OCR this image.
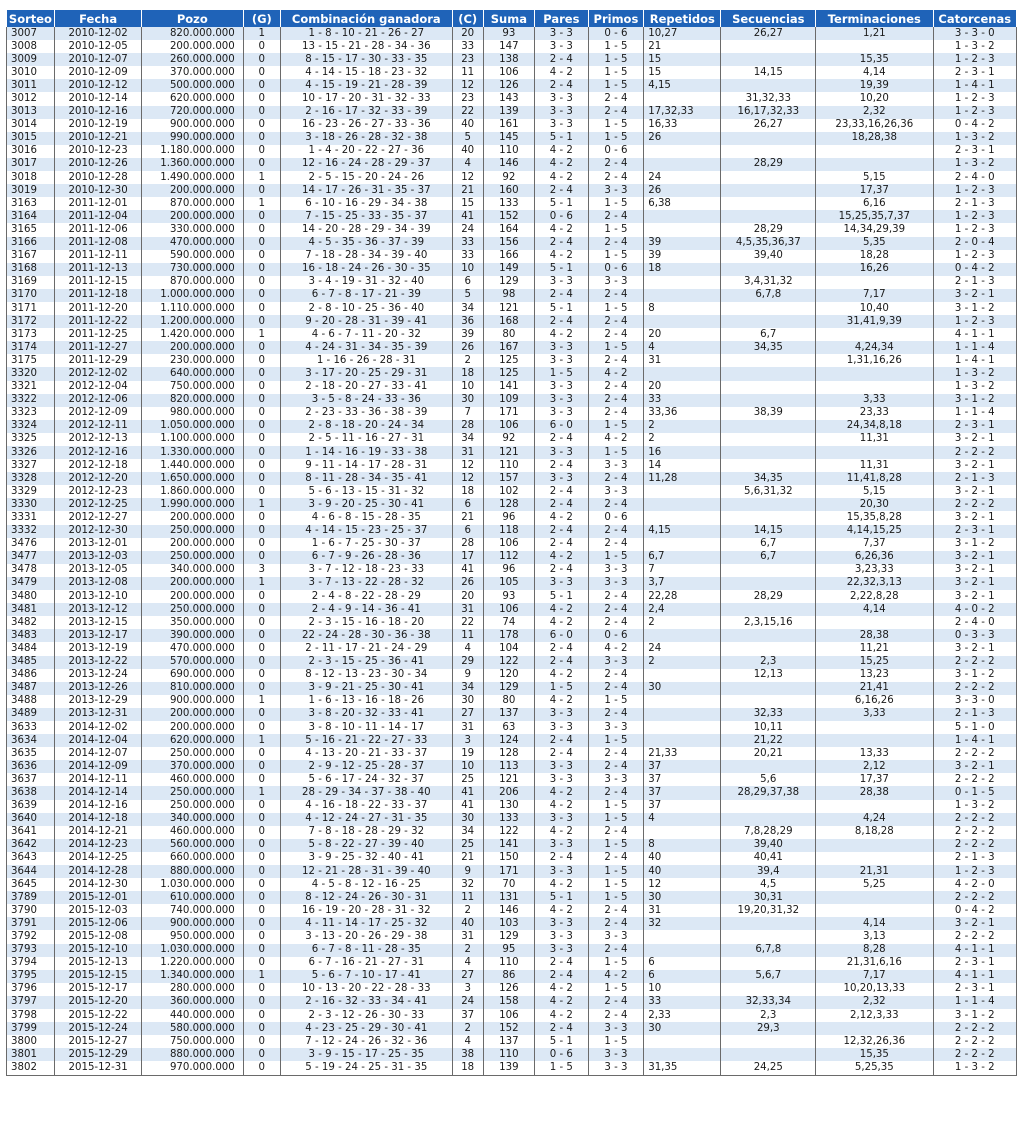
Sorteo	Fecha	Pozo	(G)	Combinación ganadora	(C)	Suma	Pares	Primos	Repetidos	Secuencias	Terminaciones	Catorcenas
3007	2010-12-02	820.000.000	1	1 - 8 - 10 - 21 - 26 - 27	20	93	3 - 3	0 - 6	10,27	26,27	1,21	3 - 3 - 0
3008	2010-12-05	200.000.000	0	13 - 15 - 21 - 28 - 34 - 36	33	147	3 - 3	1 - 5	21			1 - 3 - 2
3009	2010-12-07	260.000.000	0	8 - 15 - 17 - 30 - 33 - 35	23	138	2 - 4	1 - 5	15		15,35	1 - 2 - 3
3010	2010-12-09	370.000.000	0	4 - 14 - 15 - 18 - 23 - 32	11	106	4 - 2	1 - 5	15	14,15	4,14	2 - 3 - 1
3011	2010-12-12	500.000.000	0	4 - 15 - 19 - 21 - 28 - 39	12	126	2 - 4	1 - 5	4,15		19,39	1 - 4 - 1
3012	2010-12-14	620.000.000	0	10 - 17 - 20 - 31 - 32 - 33	23	143	3 - 3	2 - 4		31,32,33	10,20	1 - 2 - 3
3013	2010-12-16	720.000.000	0	2 - 16 - 17 - 32 - 33 - 39	22	139	3 - 3	2 - 4	17,32,33	16,17,32,33	2,32	1 - 2 - 3
3014	2010-12-19	900.000.000	0	16 - 23 - 26 - 27 - 33 - 36	40	161	3 - 3	1 - 5	16,33	26,27	23,33,16,26,36	0 - 4 - 2
3015	2010-12-21	990.000.000	0	3 - 18 - 26 - 28 - 32 - 38	5	145	5 - 1	1 - 5	26		18,28,38	1 - 3 - 2
3016	2010-12-23	1.180.000.000	0	1 - 4 - 20 - 22 - 27 - 36	40	110	4 - 2	0 - 6				2 - 3 - 1
3017	2010-12-26	1.360.000.000	0	12 - 16 - 24 - 28 - 29 - 37	4	146	4 - 2	2 - 4		28,29		1 - 3 - 2
3018	2010-12-28	1.490.000.000	1	2 - 5 - 15 - 20 - 24 - 26	12	92	4 - 2	2 - 4	24		5,15	2 - 4 - 0
3019	2010-12-30	200.000.000	0	14 - 17 - 26 - 31 - 35 - 37	21	160	2 - 4	3 - 3	26		17,37	1 - 2 - 3
3163	2011-12-01	870.000.000	1	6 - 10 - 16 - 29 - 34 - 38	15	133	5 - 1	1 - 5	6,38		6,16	2 - 1 - 3
3164	2011-12-04	200.000.000	0	7 - 15 - 25 - 33 - 35 - 37	41	152	0 - 6	2 - 4			15,25,35,7,37	1 - 2 - 3
3165	2011-12-06	330.000.000	0	14 - 20 - 28 - 29 - 34 - 39	24	164	4 - 2	1 - 5		28,29	14,34,29,39	1 - 2 - 3
3166	2011-12-08	470.000.000	0	4 - 5 - 35 - 36 - 37 - 39	33	156	2 - 4	2 - 4	39	4,5,35,36,37	5,35	2 - 0 - 4
3167	2011-12-11	590.000.000	0	7 - 18 - 28 - 34 - 39 - 40	33	166	4 - 2	1 - 5	39	39,40	18,28	1 - 2 - 3
3168	2011-12-13	730.000.000	0	16 - 18 - 24 - 26 - 30 - 35	10	149	5 - 1	0 - 6	18		16,26	0 - 4 - 2
3169	2011-12-15	870.000.000	0	3 - 4 - 19 - 31 - 32 - 40	6	129	3 - 3	3 - 3		3,4,31,32		2 - 1 - 3
3170	2011-12-18	1.000.000.000	0	6 - 7 - 8 - 17 - 21 - 39	5	98	2 - 4	2 - 4		6,7,8	7,17	3 - 2 - 1
3171	2011-12-20	1.110.000.000	0	2 - 8 - 10 - 25 - 36 - 40	34	121	5 - 1	1 - 5	8		10,40	3 - 1 - 2
3172	2011-12-22	1.200.000.000	0	9 - 20 - 28 - 31 - 39 - 41	36	168	2 - 4	2 - 4			31,41,9,39	1 - 2 - 3
3173	2011-12-25	1.420.000.000	1	4 - 6 - 7 - 11 - 20 - 32	39	80	4 - 2	2 - 4	20	6,7		4 - 1 - 1
3174	2011-12-27	200.000.000	0	4 - 24 - 31 - 34 - 35 - 39	26	167	3 - 3	1 - 5	4	34,35	4,24,34	1 - 1 - 4
3175	2011-12-29	230.000.000	0	1 - 16 - 26 - 28 - 31	2	125	3 - 3	2 - 4	31		1,31,16,26	1 - 4 - 1
3320	2012-12-02	640.000.000	0	3 - 17 - 20 - 25 - 29 - 31	18	125	1 - 5	4 - 2				1 - 3 - 2
3321	2012-12-04	750.000.000	0	2 - 18 - 20 - 27 - 33 - 41	10	141	3 - 3	2 - 4	20			1 - 3 - 2
3322	2012-12-06	820.000.000	0	3 - 5 - 8 - 24 - 33 - 36	30	109	3 - 3	2 - 4	33		3,33	3 - 1 - 2
3323	2012-12-09	980.000.000	0	2 - 23 - 33 - 36 - 38 - 39	7	171	3 - 3	2 - 4	33,36	38,39	23,33	1 - 1 - 4
3324	2012-12-11	1.050.000.000	0	2 - 8 - 18 - 20 - 24 - 34	28	106	6 - 0	1 - 5	2		24,34,8,18	2 - 3 - 1
3325	2012-12-13	1.100.000.000	0	2 - 5 - 11 - 16 - 27 - 31	34	92	2 - 4	4 - 2	2		11,31	3 - 2 - 1
3326	2012-12-16	1.330.000.000	0	1 - 14 - 16 - 19 - 33 - 38	31	121	3 - 3	1 - 5	16			2 - 2 - 2
3327	2012-12-18	1.440.000.000	0	9 - 11 - 14 - 17 - 28 - 31	12	110	2 - 4	3 - 3	14		11,31	3 - 2 - 1
3328	2012-12-20	1.650.000.000	0	8 - 11 - 28 - 34 - 35 - 41	12	157	3 - 3	2 - 4	11,28	34,35	11,41,8,28	2 - 1 - 3
3329	2012-12-23	1.860.000.000	0	5 - 6 - 13 - 15 - 31 - 32	18	102	2 - 4	3 - 3		5,6,31,32	5,15	3 - 2 - 1
3330	2012-12-25	1.990.000.000	1	3 - 9 - 20 - 25 - 30 - 41	6	128	2 - 4	2 - 4			20,30	2 - 2 - 2
3331	2012-12-27	200.000.000	0	4 - 6 - 8 - 15 - 28 - 35	21	96	4 - 2	0 - 6			15,35,8,28	3 - 2 - 1
3332	2012-12-30	250.000.000	0	4 - 14 - 15 - 23 - 25 - 37	6	118	2 - 4	2 - 4	4,15	14,15	4,14,15,25	2 - 3 - 1
3476	2013-12-01	200.000.000	0	1 - 6 - 7 - 25 - 30 - 37	28	106	2 - 4	2 - 4		6,7	7,37	3 - 1 - 2
3477	2013-12-03	250.000.000	0	6 - 7 - 9 - 26 - 28 - 36	17	112	4 - 2	1 - 5	6,7	6,7	6,26,36	3 - 2 - 1
3478	2013-12-05	340.000.000	3	3 - 7 - 12 - 18 - 23 - 33	41	96	2 - 4	3 - 3	7		3,23,33	3 - 2 - 1
3479	2013-12-08	200.000.000	1	3 - 7 - 13 - 22 - 28 - 32	26	105	3 - 3	3 - 3	3,7		22,32,3,13	3 - 2 - 1
3480	2013-12-10	200.000.000	0	2 - 4 - 8 - 22 - 28 - 29	20	93	5 - 1	2 - 4	22,28	28,29	2,22,8,28	3 - 2 - 1
3481	2013-12-12	250.000.000	0	2 - 4 - 9 - 14 - 36 - 41	31	106	4 - 2	2 - 4	2,4		4,14	4 - 0 - 2
3482	2013-12-15	350.000.000	0	2 - 3 - 15 - 16 - 18 - 20	22	74	4 - 2	2 - 4	2	2,3,15,16		2 - 4 - 0
3483	2013-12-17	390.000.000	0	22 - 24 - 28 - 30 - 36 - 38	11	178	6 - 0	0 - 6			28,38	0 - 3 - 3
3484	2013-12-19	470.000.000	0	2 - 11 - 17 - 21 - 24 - 29	4	104	2 - 4	4 - 2	24		11,21	3 - 2 - 1
3485	2013-12-22	570.000.000	0	2 - 3 - 15 - 25 - 36 - 41	29	122	2 - 4	3 - 3	2	2,3	15,25	2 - 2 - 2
3486	2013-12-24	690.000.000	0	8 - 12 - 13 - 23 - 30 - 34	9	120	4 - 2	2 - 4		12,13	13,23	3 - 1 - 2
3487	2013-12-26	810.000.000	0	3 - 9 - 21 - 25 - 30 - 41	34	129	1 - 5	2 - 4	30		21,41	2 - 2 - 2
3488	2013-12-29	900.000.000	1	1 - 6 - 13 - 16 - 18 - 26	30	80	4 - 2	1 - 5			6,16,26	3 - 3 - 0
3489	2013-12-31	200.000.000	0	3 - 8 - 20 - 32 - 33 - 41	27	137	3 - 3	2 - 4		32,33	3,33	2 - 1 - 3
3633	2014-12-02	200.000.000	0	3 - 8 - 10 - 11 - 14 - 17	31	63	3 - 3	3 - 3		10,11		5 - 1 - 0
3634	2014-12-04	620.000.000	1	5 - 16 - 21 - 22 - 27 - 33	3	124	2 - 4	1 - 5		21,22		1 - 4 - 1
3635	2014-12-07	250.000.000	0	4 - 13 - 20 - 21 - 33 - 37	19	128	2 - 4	2 - 4	21,33	20,21	13,33	2 - 2 - 2
3636	2014-12-09	370.000.000	0	2 - 9 - 12 - 25 - 28 - 37	10	113	3 - 3	2 - 4	37		2,12	3 - 2 - 1
3637	2014-12-11	460.000.000	0	5 - 6 - 17 - 24 - 32 - 37	25	121	3 - 3	3 - 3	37	5,6	17,37	2 - 2 - 2
3638	2014-12-14	250.000.000	1	28 - 29 - 34 - 37 - 38 - 40	41	206	4 - 2	2 - 4	37	28,29,37,38	28,38	0 - 1 - 5
3639	2014-12-16	250.000.000	0	4 - 16 - 18 - 22 - 33 - 37	41	130	4 - 2	1 - 5	37			1 - 3 - 2
3640	2014-12-18	340.000.000	0	4 - 12 - 24 - 27 - 31 - 35	30	133	3 - 3	1 - 5	4		4,24	2 - 2 - 2
3641	2014-12-21	460.000.000	0	7 - 8 - 18 - 28 - 29 - 32	34	122	4 - 2	2 - 4		7,8,28,29	8,18,28	2 - 2 - 2
3642	2014-12-23	560.000.000	0	5 - 8 - 22 - 27 - 39 - 40	25	141	3 - 3	1 - 5	8	39,40		2 - 2 - 2
3643	2014-12-25	660.000.000	0	3 - 9 - 25 - 32 - 40 - 41	21	150	2 - 4	2 - 4	40	40,41		2 - 1 - 3
3644	2014-12-28	880.000.000	0	12 - 21 - 28 - 31 - 39 - 40	9	171	3 - 3	1 - 5	40	39,4	21,31	1 - 2 - 3
3645	2014-12-30	1.030.000.000	0	4 - 5 - 8 - 12 - 16 - 25	32	70	4 - 2	1 - 5	12	4,5	5,25	4 - 2 - 0
3789	2015-12-01	610.000.000	0	8 - 12 - 24 - 26 - 30 - 31	11	131	5 - 1	1 - 5	30	30,31		2 - 2 - 2
3790	2015-12-03	740.000.000	0	16 - 19 - 20 - 28 - 31 - 32	2	146	4 - 2	2 - 4	31	19,20,31,32		0 - 4 - 2
3791	2015-12-06	900.000.000	0	4 - 11 - 14 - 17 - 25 - 32	40	103	3 - 3	2 - 4	32		4,14	3 - 2 - 1
3792	2015-12-08	950.000.000	0	3 - 13 - 20 - 26 - 29 - 38	31	129	3 - 3	3 - 3			3,13	2 - 2 - 2
3793	2015-12-10	1.030.000.000	0	6 - 7 - 8 - 11 - 28 - 35	2	95	3 - 3	2 - 4		6,7,8	8,28	4 - 1 - 1
3794	2015-12-13	1.220.000.000	0	6 - 7 - 16 - 21 - 27 - 31	4	110	2 - 4	1 - 5	6		21,31,6,16	2 - 3 - 1
3795	2015-12-15	1.340.000.000	1	5 - 6 - 7 - 10 - 17 - 41	27	86	2 - 4	4 - 2	6	5,6,7	7,17	4 - 1 - 1
3796	2015-12-17	280.000.000	0	10 - 13 - 20 - 22 - 28 - 33	3	126	4 - 2	1 - 5	10		10,20,13,33	2 - 3 - 1
3797	2015-12-20	360.000.000	0	2 - 16 - 32 - 33 - 34 - 41	24	158	4 - 2	2 - 4	33	32,33,34	2,32	1 - 1 - 4
3798	2015-12-22	440.000.000	0	2 - 3 - 12 - 26 - 30 - 33	37	106	4 - 2	2 - 4	2,33	2,3	2,12,3,33	3 - 1 - 2
3799	2015-12-24	580.000.000	0	4 - 23 - 25 - 29 - 30 - 41	2	152	2 - 4	3 - 3	30	29,3		2 - 2 - 2
3800	2015-12-27	750.000.000	0	7 - 12 - 24 - 26 - 32 - 36	4	137	5 - 1	1 - 5			12,32,26,36	2 - 2 - 2
3801	2015-12-29	880.000.000	0	3 - 9 - 15 - 17 - 25 - 35	38	110	0 - 6	3 - 3			15,35	2 - 2 - 2
3802	2015-12-31	970.000.000	0	5 - 19 - 24 - 25 - 31 - 35	18	139	1 - 5	3 - 3	31,35	24,25	5,25,35	1 - 3 - 2
